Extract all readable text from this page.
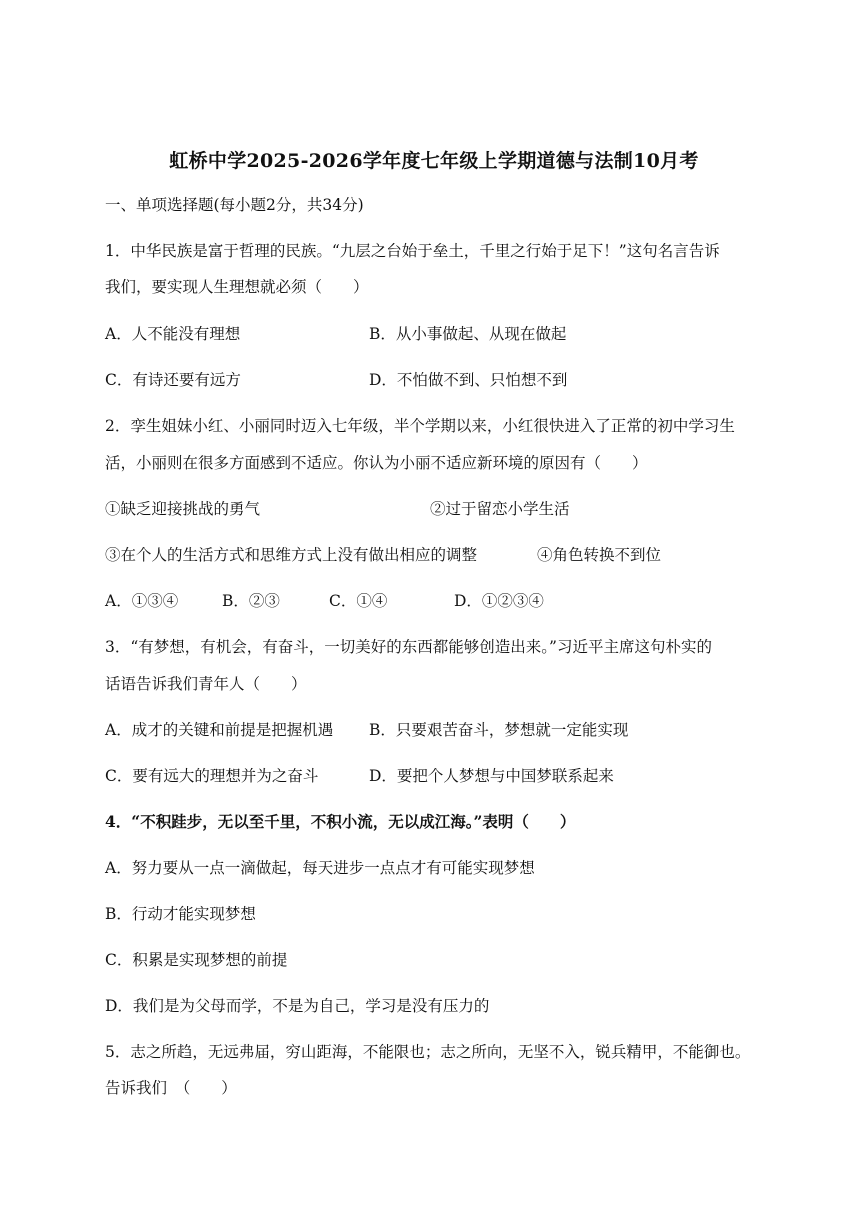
虹桥中学2025-2026学年度七年级上学期道德与法制10月考
一、单项选择题(每小题2分，共34分)
1．中华民族是富于哲理的民族。“九层之台始于垒土，千里之行始于足下！”这句名言告诉
我们，要实现人生理想就必须（　　）
A．人不能没有理想	B．从小事做起、从现在做起
C．有诗还要有远方	D．不怕做不到、只怕想不到
2．孪生姐妹小红、小丽同时迈入七年级，半个学期以来，小红很快进入了正常的初中学习生
活，小丽则在很多方面感到不适应。你认为小丽不适应新环境的原因有（　　）
①缺乏迎接挑战的勇气	②过于留恋小学生活
③在个人的生活方式和思维方式上没有做出相应的调整	④角色转换不到位
A．①③④	B．②③	C．①④	D．①②③④
3．“有梦想，有机会，有奋斗，一切美好的东西都能够创造出来。”习近平主席这句朴实的
话语告诉我们青年人（　　）
A．成才的关键和前提是把握机遇 B．只要艰苦奋斗，梦想就一定能实现
C．要有远大的理想并为之奋斗	D．要把个人梦想与中国梦联系起来
4．“不积跬步，无以至千里，不积小流，无以成江海。”表明（　　）
A．努力要从一点一滴做起，每天进步一点点才有可能实现梦想
B．行动才能实现梦想
C．积累是实现梦想的前提
D．我们是为父母而学，不是为自己，学习是没有压力的
5．志之所趋，无远弗届，穷山距海，不能限也；志之所向，无坚不入，锐兵精甲，不能御也。
告诉我们　（　　）
